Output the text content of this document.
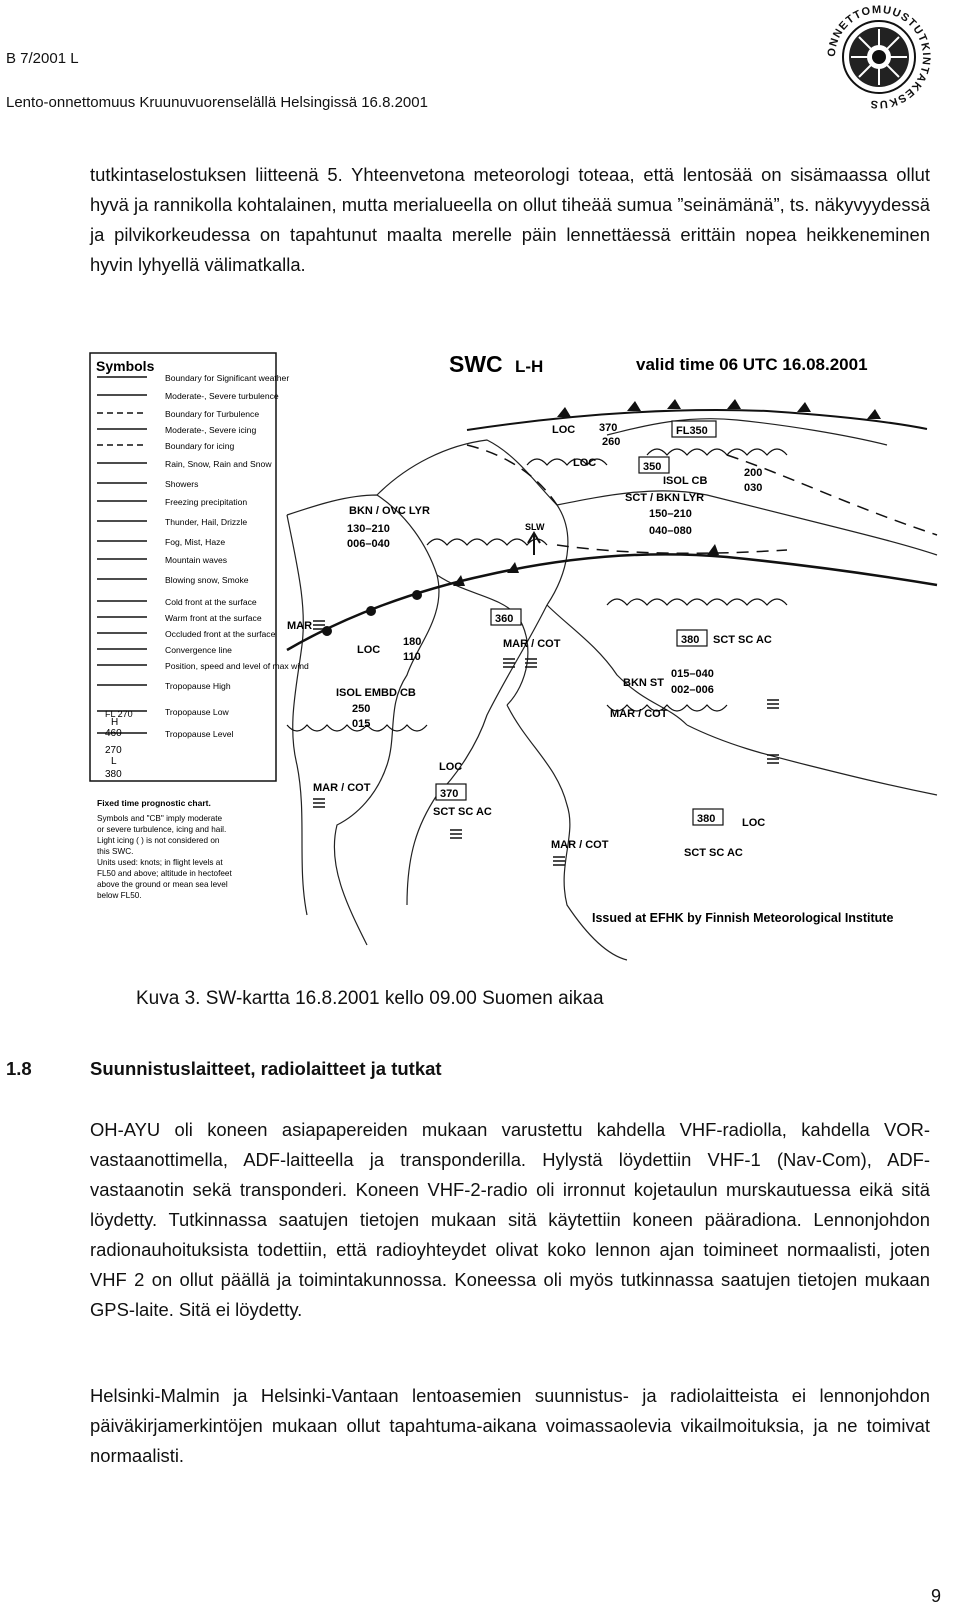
B 7/2001 L
Lento-onnettomuus Kruunuvuorenselällä Helsingissä 16.8.2001
ONNETTOMUUSTUTKINTAKESKUS

tutkintaselostuksen liitteenä 5. Yhteenvetona meteorologi toteaa, että lentosää on sisämaassa ollut hyvä ja rannikolla kohtalainen, mutta merialueella on ollut tiheää sumua ”seinämänä”, ts. näkyvyydessä ja pilvikorkeudessa on tapahtunut maalta merelle päin lennettäessä erittäin nopea heikkeneminen hyvin lyhyellä välimatkalla.

Symbols
Boundary for Significant weather
Moderate-, Severe turbulence
Boundary for Turbulence
Moderate-, Severe icing
Boundary for icing
Rain, Snow, Rain and Snow
Showers
Freezing precipitation
Thunder, Hail, Drizzle
Fog, Mist, Haze
Mountain waves
Blowing snow, Smoke
Cold front at the surface
Warm front at the surface
Occluded front at the surface
Convergence line
Position, speed and level of max wind
Tropopause High
Tropopause Low
Tropopause Level
FL 270
H
460
270
L
380
Fixed time prognostic chart.
Symbols and "CB" imply moderate
or severe turbulence, icing and hail.
Light icing ( ) is not considered on
this SWC.
Units used: knots; in flight levels at
FL50 and above; altitude in hectofeet
above the ground or mean sea level
below FL50.
SWC L-H	valid time 06 UTC 16.08.2001
LOC 370
260
FL350
LOC	350
ISOL CB
200
030
SCT / BKN LYR
150–210
040–080
BKN / OVC LYR
130–210
006–040
SLW
MAR
360
MAR / COT	380 SCT SC AC
LOC
180
110
015–040
BKN ST
002–006
ISOL EMBD CB
250
015
MAR / COT
LOC
MAR / COT	370
SCT SC AC
380 LOC
MAR / COT
SCT SC AC
Issued at EFHK by Finnish Meteorological Institute
Kuva 3. SW-kartta 16.8.2001 kello 09.00 Suomen aikaa
1.8	Suunnistuslaitteet, radiolaitteet ja tutkat

OH-AYU oli koneen asiapapereiden mukaan varustettu kahdella VHF-radiolla, kahdella VOR-vastaanottimella, ADF-laitteella ja transponderilla. Hylystä löydettiin VHF-1 (Nav-Com), ADF-vastaanotin sekä transponderi. Koneen VHF-2-radio oli irronnut kojetaulun murskautuessa eikä sitä löydetty. Tutkinnassa saatujen tietojen mukaan sitä käytettiin koneen pääradiona. Lennonjohdon radionauhoituksista todettiin, että radioyhteydet olivat koko lennon ajan toimineet normaalisti, joten VHF 2 on ollut päällä ja toimintakunnossa. Koneessa oli myös tutkinnassa saatujen tietojen mukaan GPS-laite. Sitä ei löydetty.

Helsinki-Malmin ja Helsinki-Vantaan lentoasemien suunnistus- ja radiolaitteista ei lennonjohdon päiväkirjamerkintöjen mukaan ollut tapahtuma-aikana voimassaolevia vikailmoituksia, ja ne toimivat normaalisti.

9
